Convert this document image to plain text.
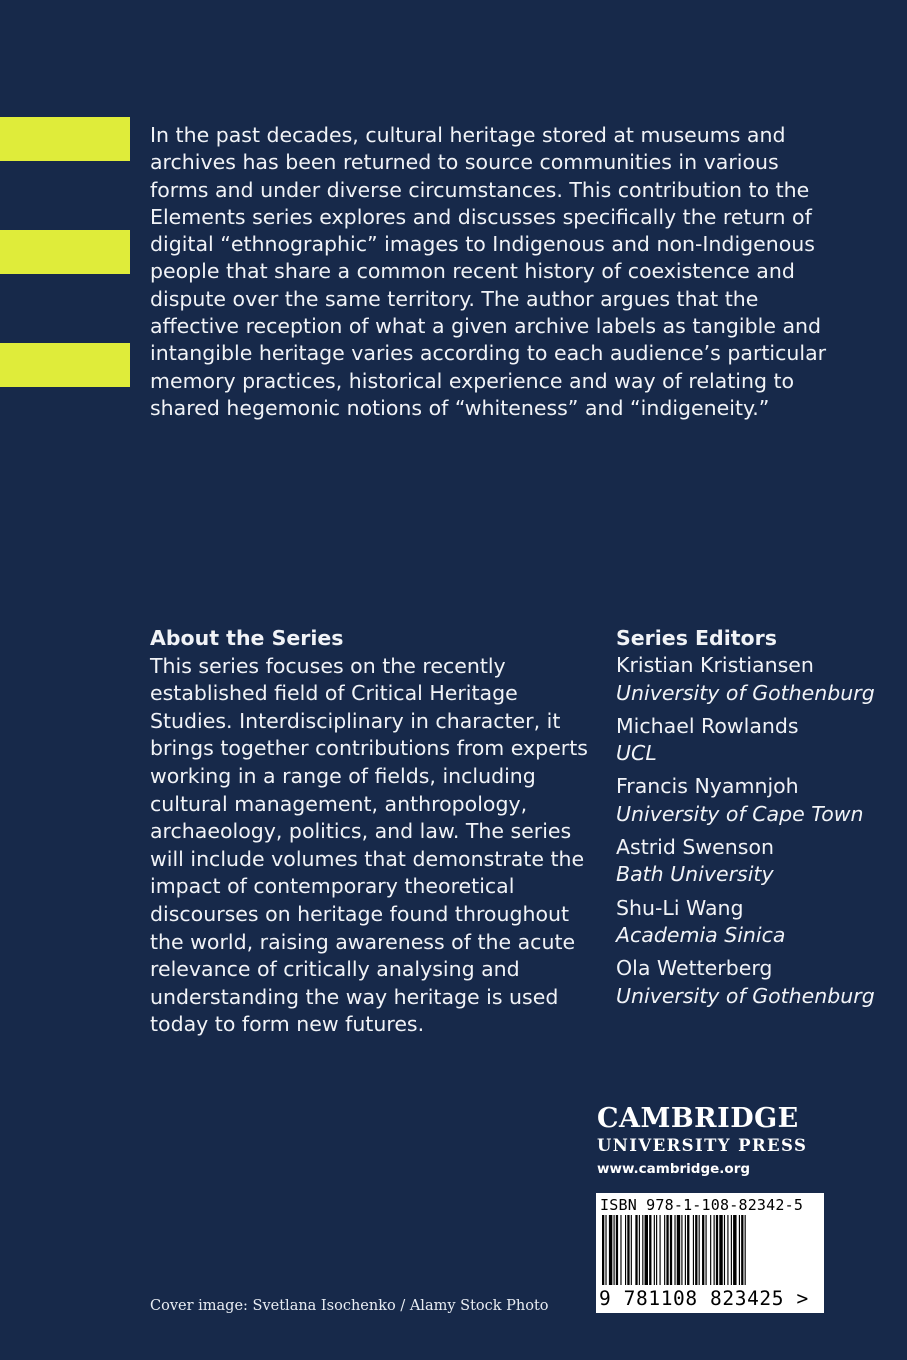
In the past decades, cultural heritage stored at museums and archives has been returned to source communities in various forms and under diverse circumstances. This contribution to the Elements series explores and discusses specifically the return of digital “ethnographic” images to Indigenous and non-Indigenous people that share a common recent history of coexistence and dispute over the same territory. The author argues that the affective reception of what a given archive labels as tangible and intangible heritage varies according to each audience’s particular memory practices, historical experience and way of relating to shared hegemonic notions of “whiteness” and “indigeneity.”

About the Series

This series focuses on the recently established field of Critical Heritage Studies. Interdisciplinary in character, it brings together contributions from experts working in a range of fields, including cultural management, anthropology, archaeology, politics, and law. The series will include volumes that demonstrate the impact of contemporary theoretical discourses on heritage found throughout the world, raising awareness of the acute relevance of critically analysing and understanding the way heritage is used today to form new futures.

Series Editors
Kristian Kristiansen
University of Gothenburg
Michael Rowlands
UCL
Francis Nyamnjoh
University of Cape Town
Astrid Swenson
Bath University
Shu-Li Wang
Academia Sinica
Ola Wetterberg
University of Gothenburg
CAMBRIDGE
UNIVERSITY PRESS
www.cambridge.org
ISBN 978-1-108-82342-5
9 781108 823425 >
Cover image: Svetlana Isochenko / Alamy Stock Photo
